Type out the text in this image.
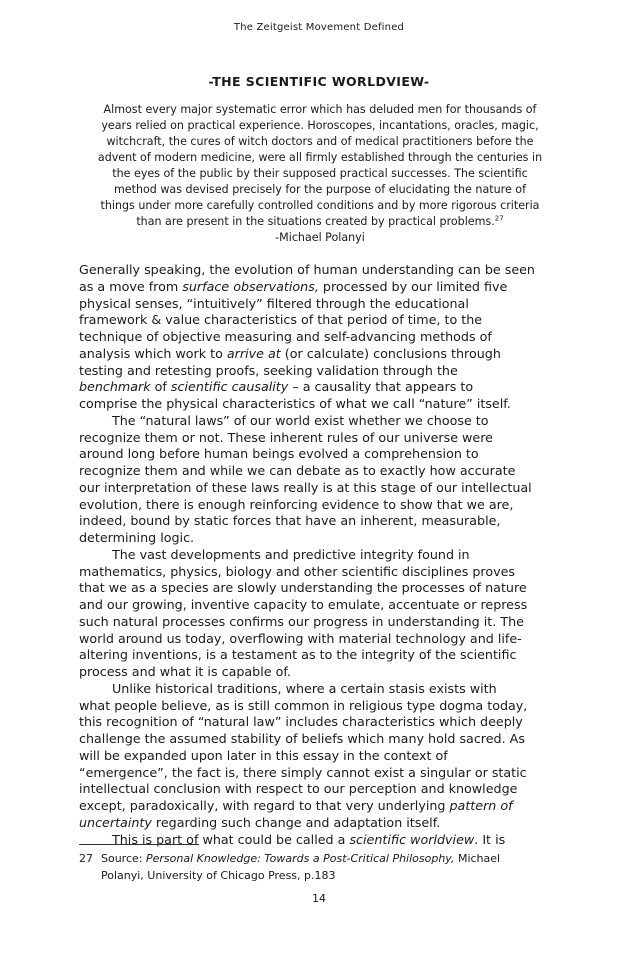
The Zeitgeist Movement Defined
-THE SCIENTIFIC WORLDVIEW-
Almost every major systematic error which has deluded men for thousands of
years relied on practical experience. Horoscopes, incantations, oracles, magic,
witchcraft, the cures of witch doctors and of medical practitioners before the
advent of modern medicine, were all firmly established through the centuries in
the eyes of the public by their supposed practical successes. The scientific
method was devised precisely for the purpose of elucidating the nature of
things under more carefully controlled conditions and by more rigorous criteria
than are present in the situations created by practical problems.$^{27}$
-Michael Polanyi
Generally speaking, the evolution of human understanding can be seen
as a move from surface observations, processed by our limited five
physical senses, “intuitively” filtered through the educational
framework & value characteristics of that period of time, to the
technique of objective measuring and self-advancing methods of
analysis which work to arrive at (or calculate) conclusions through
testing and retesting proofs, seeking validation through the
benchmark of scientific causality – a causality that appears to
comprise the physical characteristics of what we call “nature” itself.
The “natural laws” of our world exist whether we choose to
recognize them or not. These inherent rules of our universe were
around long before human beings evolved a comprehension to
recognize them and while we can debate as to exactly how accurate
our interpretation of these laws really is at this stage of our intellectual
evolution, there is enough reinforcing evidence to show that we are,
indeed, bound by static forces that have an inherent, measurable,
determining logic.
The vast developments and predictive integrity found in
mathematics, physics, biology and other scientific disciplines proves
that we as a species are slowly understanding the processes of nature
and our growing, inventive capacity to emulate, accentuate or repress
such natural processes confirms our progress in understanding it. The
world around us today, overflowing with material technology and life-
altering inventions, is a testament as to the integrity of the scientific
process and what it is capable of.
Unlike historical traditions, where a certain stasis exists with
what people believe, as is still common in religious type dogma today,
this recognition of “natural law” includes characteristics which deeply
challenge the assumed stability of beliefs which many hold sacred. As
will be expanded upon later in this essay in the context of
“emergence”, the fact is, there simply cannot exist a singular or static
intellectual conclusion with respect to our perception and knowledge
except, paradoxically, with regard to that very underlying pattern of
uncertainty regarding such change and adaptation itself.
This is part of what could be called a scientific worldview. It is
27 Source: Personal Knowledge: Towards a Post-Critical Philosophy, Michael
Polanyi, University of Chicago Press, p.183
14
